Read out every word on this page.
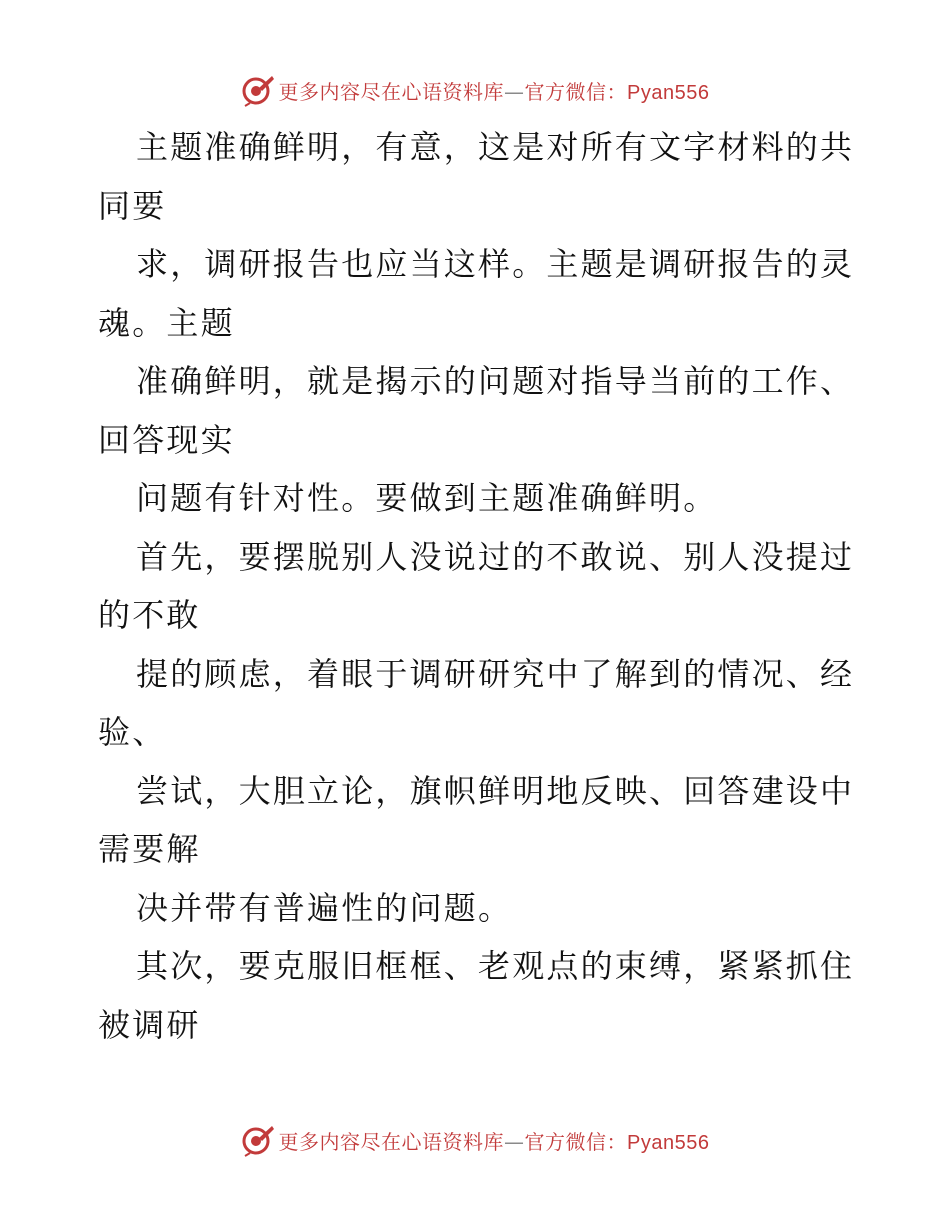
更多内容尽在心语资料库—官方微信：Pyan556
主题准确鲜明，有意，这是对所有文字材料的共
同要
求，调研报告也应当这样。主题是调研报告的灵
魂。主题
准确鲜明，就是揭示的问题对指导当前的工作、
回答现实
问题有针对性。要做到主题准确鲜明。
首先，要摆脱别人没说过的不敢说、别人没提过
的不敢
提的顾虑，着眼于调研研究中了解到的情况、经
验、
尝试，大胆立论，旗帜鲜明地反映、回答建设中
需要解
决并带有普遍性的问题。
其次，要克服旧框框、老观点的束缚，紧紧抓住
被调研
更多内容尽在心语资料库—官方微信：Pyan556
